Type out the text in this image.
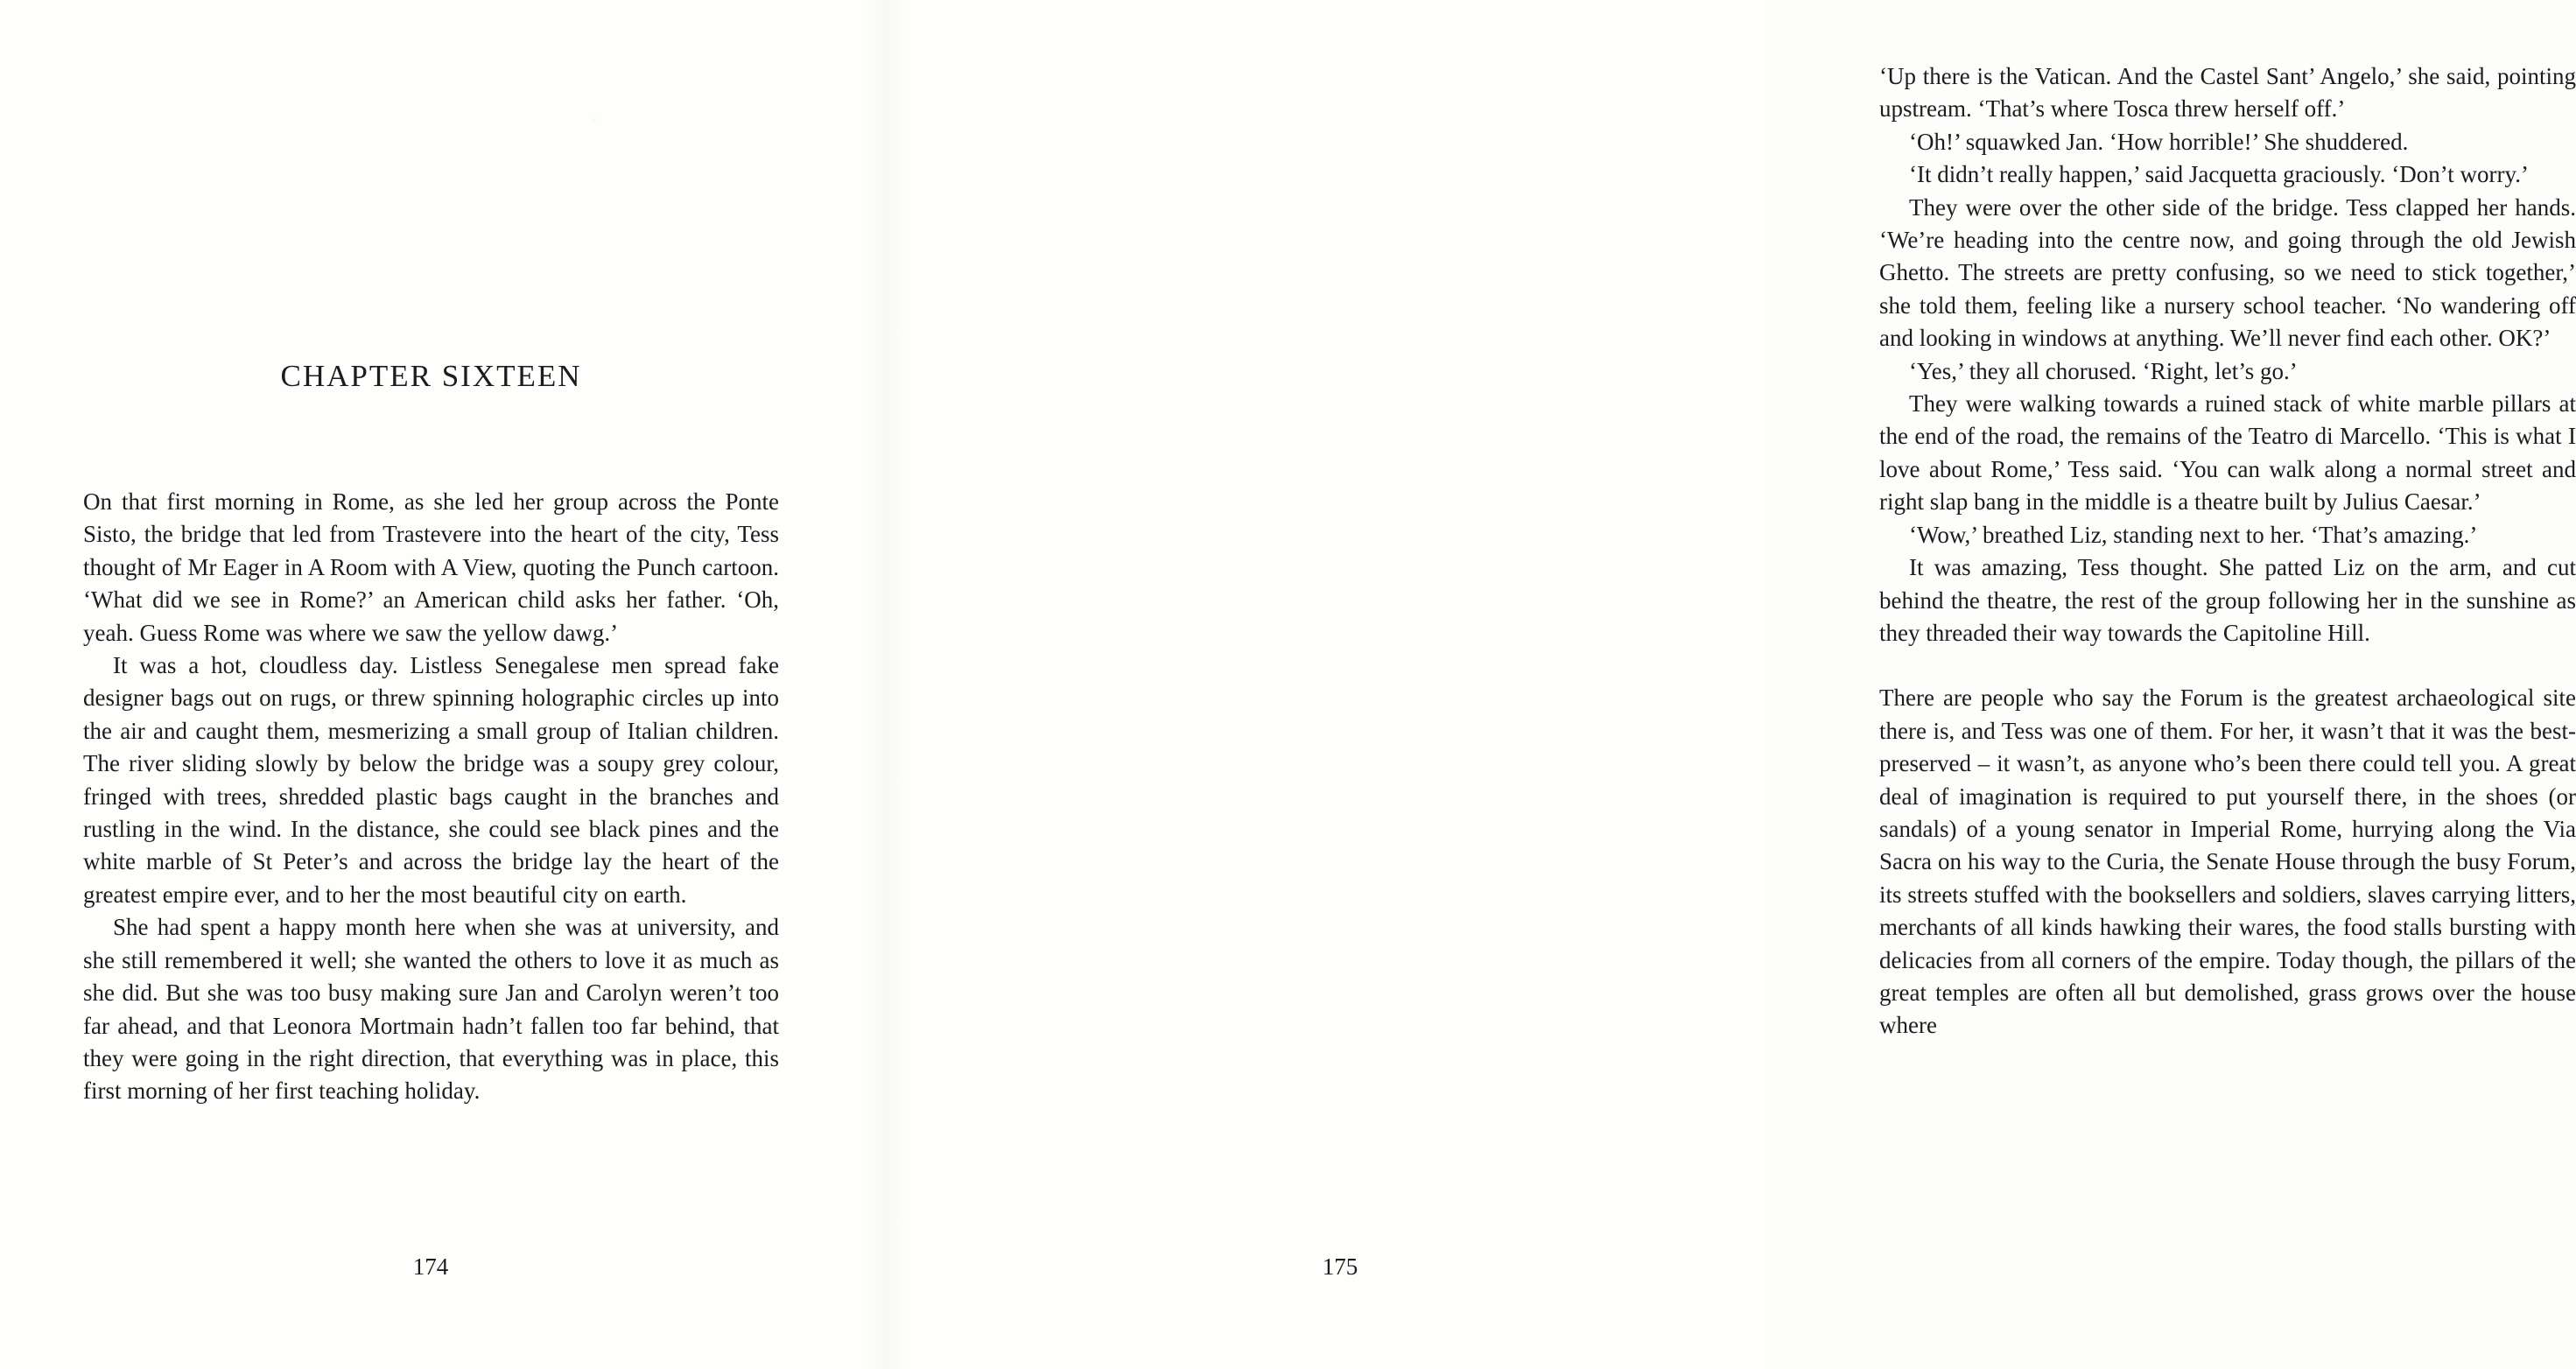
,

CHAPTER SIXTEEN

On that first morning in Rome, as she led her group across the Ponte Sisto, the bridge that led from Trastevere into the heart of the city, Tess thought of Mr Eager in A Room with A View, quoting the Punch cartoon. ‘What did we see in Rome?’ an American child asks her father. ‘Oh, yeah. Guess Rome was where we saw the yellow dawg.’

It was a hot, cloudless day. Listless Senegalese men spread fake designer bags out on rugs, or threw spinning holographic circles up into the air and caught them, mesmerizing a small group of Italian children. The river sliding slowly by below the bridge was a soupy grey colour, fringed with trees, shredded plastic bags caught in the branches and rustling in the wind. In the distance, she could see black pines and the white marble of St Peter’s and across the bridge lay the heart of the greatest empire ever, and to her the most beautiful city on earth.

She had spent a happy month here when she was at university, and she still remembered it well; she wanted the others to love it as much as she did. But she was too busy making sure Jan and Carolyn weren’t too far ahead, and that Leonora Mortmain hadn’t fallen too far behind, that they were going in the right direction, that everything was in place, this first morning of her first teaching holiday.

174

‘Up there is the Vatican. And the Castel Sant’ Angelo,’ she said, pointing upstream. ‘That’s where Tosca threw herself off.’

‘Oh!’ squawked Jan. ‘How horrible!’ She shuddered.

‘It didn’t really happen,’ said Jacquetta graciously. ‘Don’t worry.’

They were over the other side of the bridge. Tess clapped her hands. ‘We’re heading into the centre now, and going through the old Jewish Ghetto. The streets are pretty confusing, so we need to stick together,’ she told them, feeling like a nursery school teacher. ‘No wandering off and looking in windows at anything. We’ll never find each other. OK?’

‘Yes,’ they all chorused. ‘Right, let’s go.’

They were walking towards a ruined stack of white marble pillars at the end of the road, the remains of the Teatro di Marcello. ‘This is what I love about Rome,’ Tess said. ‘You can walk along a normal street and right slap bang in the middle is a theatre built by Julius Caesar.’

‘Wow,’ breathed Liz, standing next to her. ‘That’s amazing.’

It was amazing, Tess thought. She patted Liz on the arm, and cut behind the theatre, the rest of the group following her in the sunshine as they threaded their way towards the Capitoline Hill.

There are people who say the Forum is the greatest archaeological site there is, and Tess was one of them. For her, it wasn’t that it was the best-preserved – it wasn’t, as anyone who’s been there could tell you. A great deal of imagination is required to put yourself there, in the shoes (or sandals) of a young senator in Imperial Rome, hurrying along the Via Sacra on his way to the Curia, the Senate House through the busy Forum, its streets stuffed with the booksellers and soldiers, slaves carrying litters, merchants of all kinds hawking their wares, the food stalls bursting with delicacies from all corners of the empire. Today though, the pillars of the great temples are often all but demolished, grass grows over the house where

175
